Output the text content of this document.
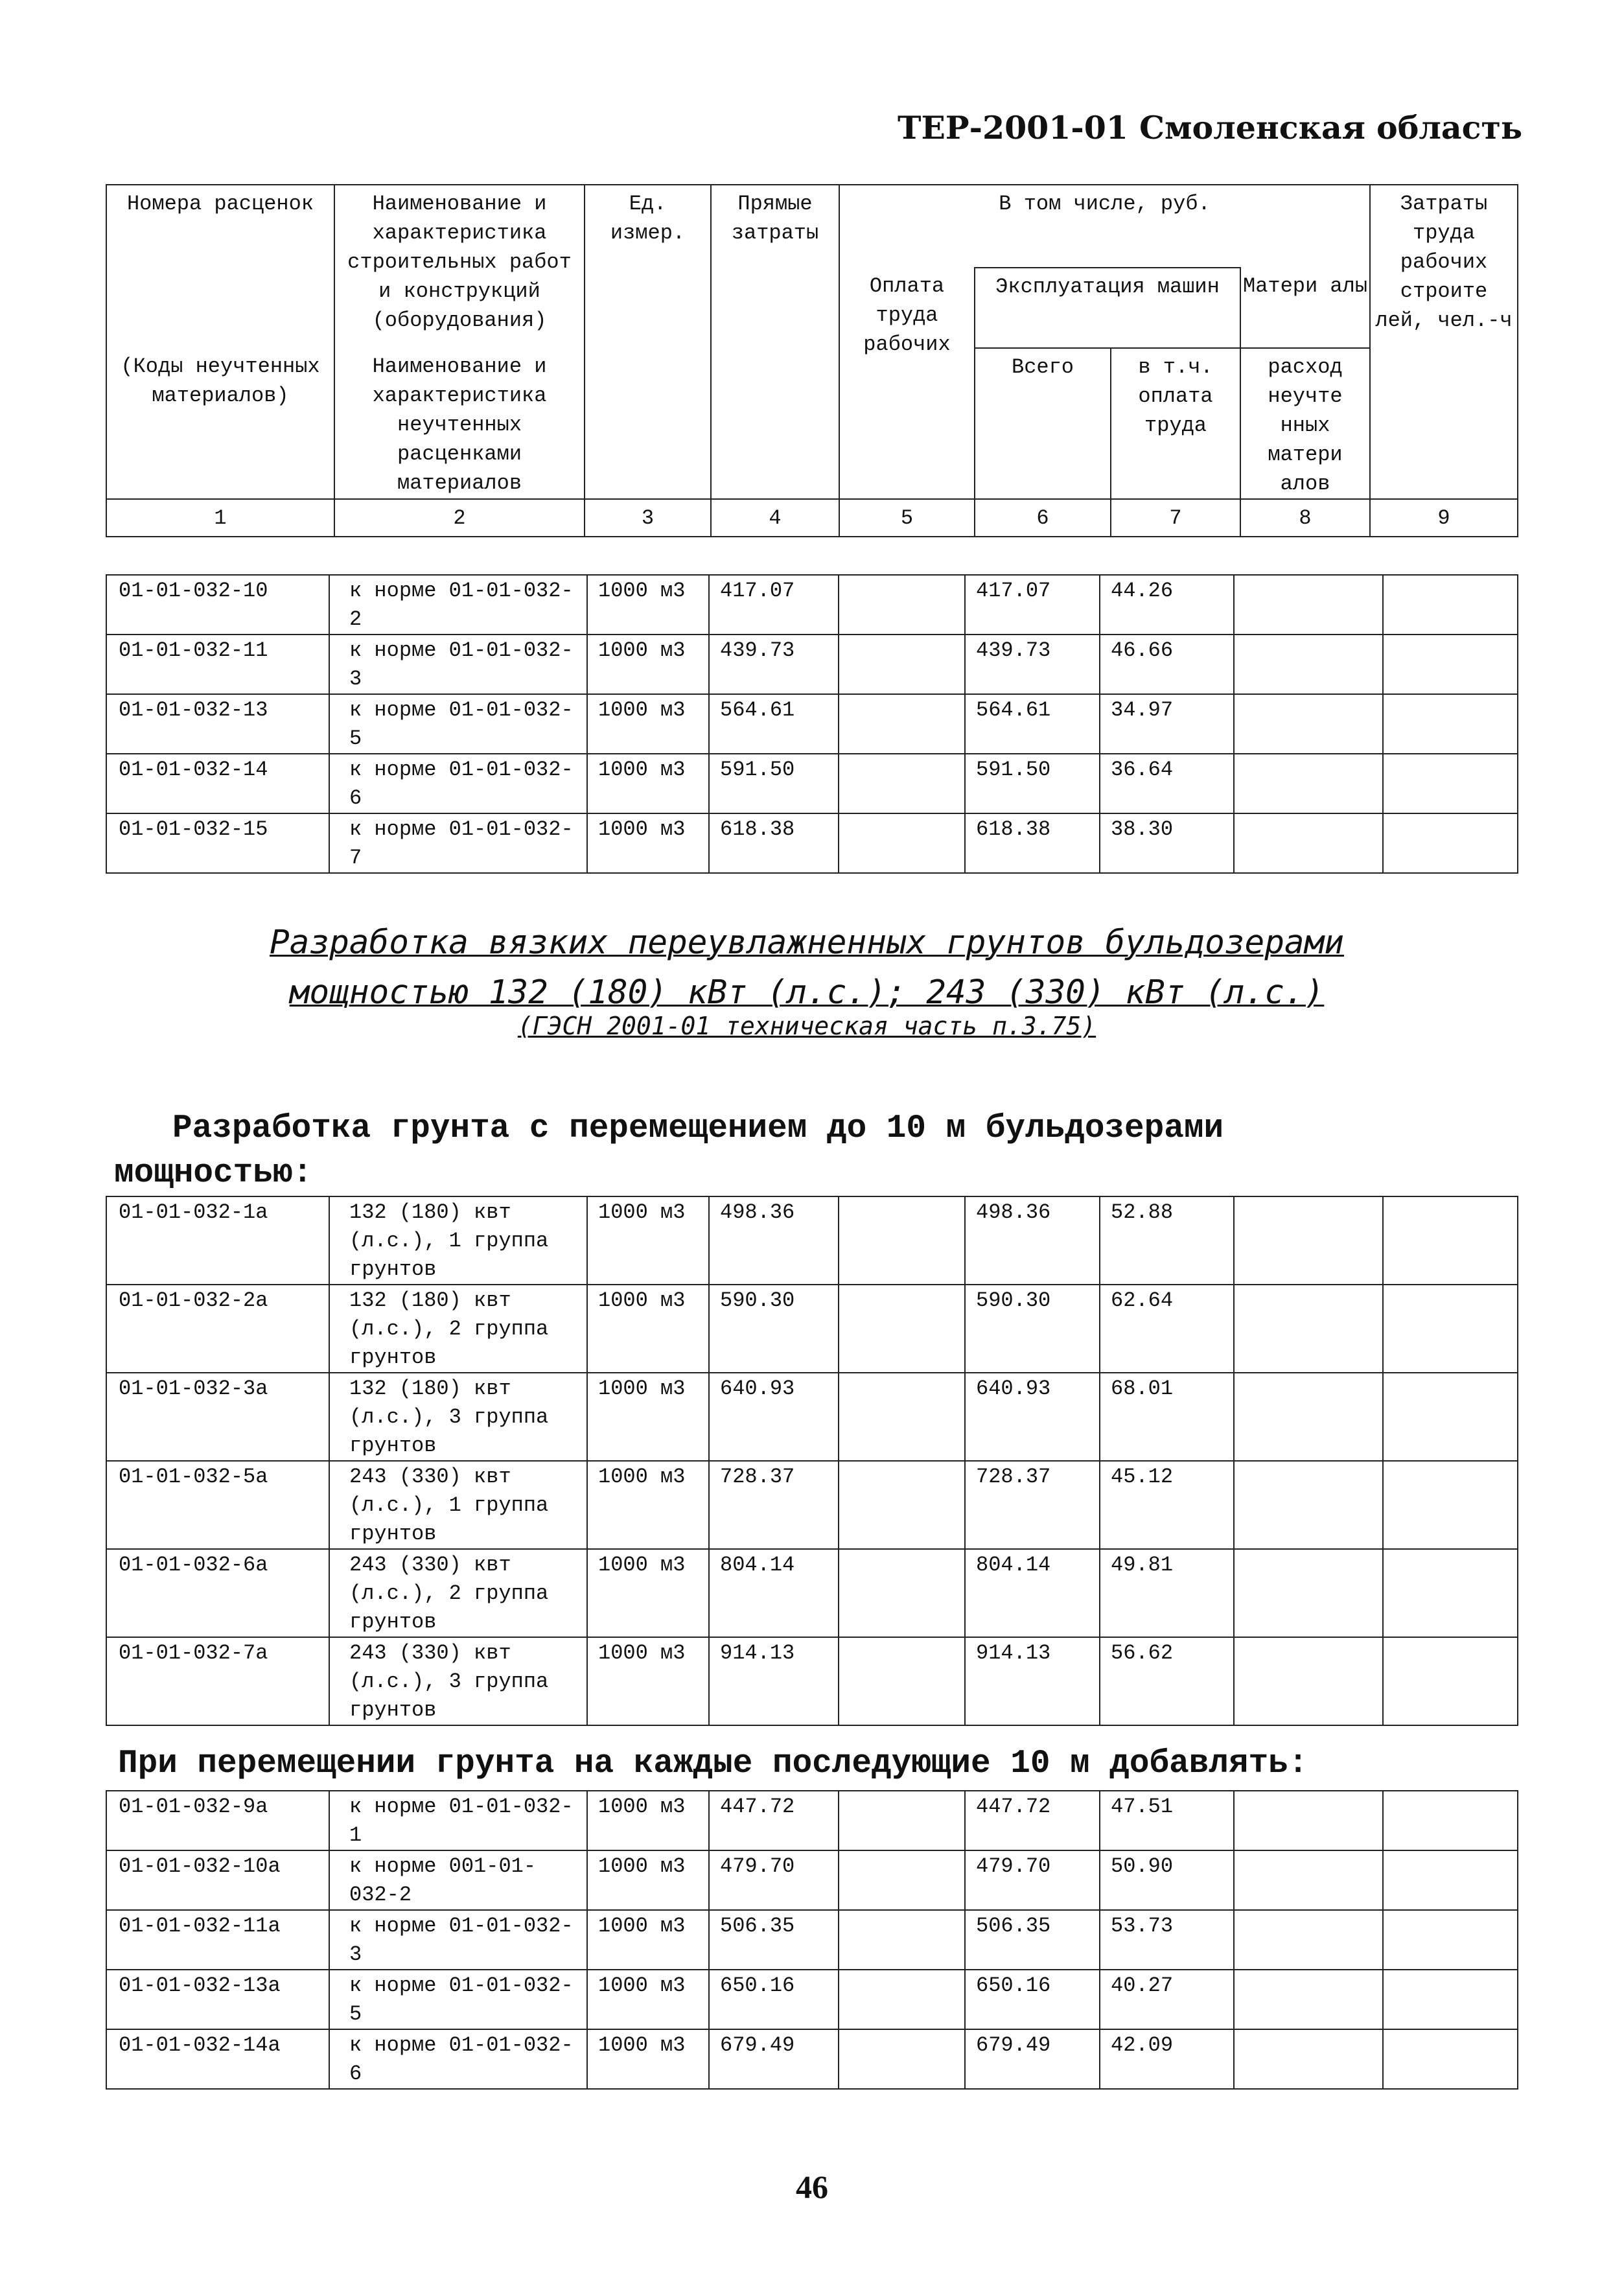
ТЕР-2001-01 Смоленская область
Номера расценок	Наименование и характеристика строительных работ и конструкций (оборудования)	Ед. измер.	Прямые затраты	В том числе, руб.				Затраты труда рабочих строите лей, чел.-ч
				Оплата труда рабочих	Эксплуатация машин		Матери алы	
(Коды неучтенных материалов)	Наименование и характеристика неучтенных расценками материалов				Всего	в т.ч. оплата труда	расход неучте нных матери алов	
1	2	3	4	5	6	7	8	9
01-01-032-10	к норме 01-01-032-2	1000 м3	417.07		417.07	44.26		
01-01-032-11	к норме 01-01-032-3	1000 м3	439.73		439.73	46.66		
01-01-032-13	к норме 01-01-032-5	1000 м3	564.61		564.61	34.97		
01-01-032-14	к норме 01-01-032-6	1000 м3	591.50		591.50	36.64		
01-01-032-15	к норме 01-01-032-7	1000 м3	618.38		618.38	38.30		
Разработка вязких переувлажненных грунтов бульдозерами
мощностью 132 (180) кВт (л.с.); 243 (330) кВт (л.с.)
(ГЭСН 2001-01 техническая часть п.3.75)
Разработка грунта с перемещением до 10 м бульдозерами
мощностью:
01-01-032-1а	132 (180) квт (л.с.), 1 группа грунтов	1000 м3	498.36		498.36	52.88		
01-01-032-2а	132 (180) квт (л.с.), 2 группа грунтов	1000 м3	590.30		590.30	62.64		
01-01-032-3а	132 (180) квт (л.с.), 3 группа грунтов	1000 м3	640.93		640.93	68.01		
01-01-032-5а	243 (330) квт (л.с.), 1 группа грунтов	1000 м3	728.37		728.37	45.12		
01-01-032-6а	243 (330) квт (л.с.), 2 группа грунтов	1000 м3	804.14		804.14	49.81		
01-01-032-7а	243 (330) квт (л.с.), 3 группа грунтов	1000 м3	914.13		914.13	56.62		
При перемещении грунта на каждые последующие 10 м добавлять:
01-01-032-9а	к норме 01-01-032-1	1000 м3	447.72		447.72	47.51		
01-01-032-10а	к норме 001-01-032-2	1000 м3	479.70		479.70	50.90		
01-01-032-11а	к норме 01-01-032-3	1000 м3	506.35		506.35	53.73		
01-01-032-13а	к норме 01-01-032-5	1000 м3	650.16		650.16	40.27		
01-01-032-14а	к норме 01-01-032-6	1000 м3	679.49		679.49	42.09		
46
